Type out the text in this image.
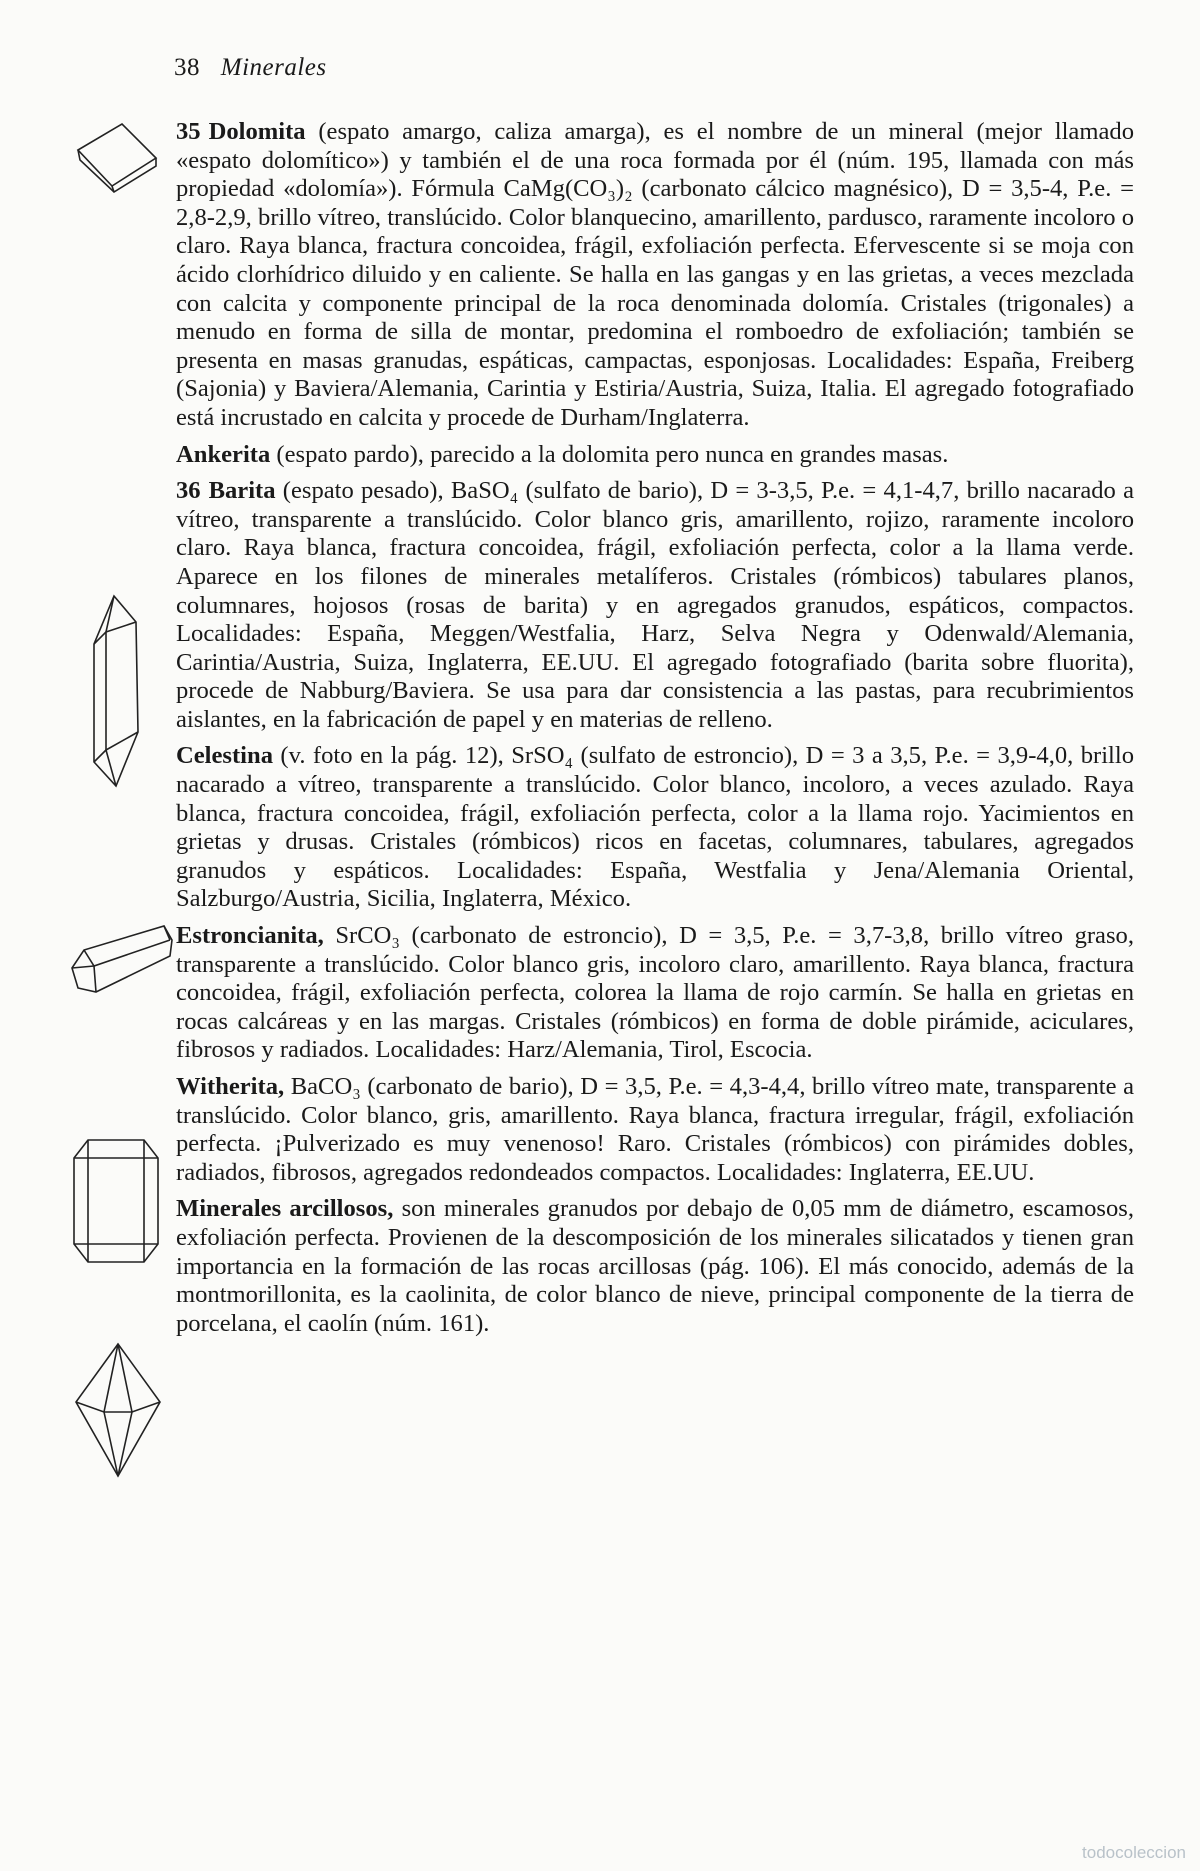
38 Minerales

35 Dolomita (espato amargo, caliza amarga), es el nombre de un mineral (mejor llamado «espato dolomítico») y también el de una roca formada por él (núm. 195, llamada con más propiedad «dolomía»). Fórmula CaMg(CO₃)₂ (carbonato cálcico magnésico), D = 3,5-4, P.e. = 2,8-2,9, brillo vítreo, translúcido. Color blanquecino, amarillento, pardusco, raramente incoloro o claro. Raya blanca, fractura concoidea, frágil, exfoliación perfecta. Efervescente si se moja con ácido clorhídrico diluido y en caliente. Se halla en las gangas y en las grietas, a veces mezclada con calcita y componente principal de la roca denominada dolomía. Cristales (trigonales) a menudo en forma de silla de montar, predomina el romboedro de exfoliación; también se presenta en masas granudas, espáticas, campactas, esponjosas. Localidades: España, Freiberg (Sajonia) y Baviera/Alemania, Carintia y Estiria/Austria, Suiza, Italia. El agregado fotografiado está incrustado en calcita y procede de Durham/Inglaterra.

Ankerita (espato pardo), parecido a la dolomita pero nunca en grandes masas.

36 Barita (espato pesado), BaSO₄ (sulfato de bario), D = 3-3,5, P.e. = 4,1-4,7, brillo nacarado a vítreo, transparente a translúcido. Color blanco gris, amarillento, rojizo, raramente incoloro claro. Raya blanca, fractura concoidea, frágil, exfoliación perfecta, color a la llama verde. Aparece en los filones de minerales metalíferos. Cristales (rómbicos) tabulares planos, columnares, hojosos (rosas de barita) y en agregados granudos, espáticos, compactos. Localidades: España, Meggen/Westfalia, Harz, Selva Negra y Odenwald/Alemania, Carintia/Austria, Suiza, Inglaterra, EE.UU. El agregado fotografiado (barita sobre fluorita), procede de Nabburg/Baviera. Se usa para dar consistencia a las pastas, para recubrimientos aislantes, en la fabricación de papel y en materias de relleno.

Celestina (v. foto en la pág. 12), SrSO₄ (sulfato de estroncio), D = 3 a 3,5, P.e. = 3,9-4,0, brillo nacarado a vítreo, transparente a translúcido. Color blanco, incoloro, a veces azulado. Raya blanca, fractura concoidea, frágil, exfoliación perfecta, color a la llama rojo. Yacimientos en grietas y drusas. Cristales (rómbicos) ricos en facetas, columnares, tabulares, agregados granudos y espáticos. Localidades: España, Westfalia y Jena/Alemania Oriental, Salzburgo/Austria, Sicilia, Inglaterra, México.

Estroncianita, SrCO₃ (carbonato de estroncio), D = 3,5, P.e. = 3,7-3,8, brillo vítreo graso, transparente a translúcido. Color blanco gris, incoloro claro, amarillento. Raya blanca, fractura concoidea, frágil, exfoliación perfecta, colorea la llama de rojo carmín. Se halla en grietas en rocas calcáreas y en las margas. Cristales (rómbicos) en forma de doble pirámide, aciculares, fibrosos y radiados. Localidades: Harz/Alemania, Tirol, Escocia.

Witherita, BaCO₃ (carbonato de bario), D = 3,5, P.e. = 4,3-4,4, brillo vítreo mate, transparente a translúcido. Color blanco, gris, amarillento. Raya blanca, fractura irregular, frágil, exfoliación perfecta. ¡Pulverizado es muy venenoso! Raro. Cristales (rómbicos) con pirámides dobles, radiados, fibrosos, agregados redondeados compactos. Localidades: Inglaterra, EE.UU.

Minerales arcillosos, son minerales granudos por debajo de 0,05 mm de diámetro, escamosos, exfoliación perfecta. Provienen de la descomposición de los minerales silicatados y tienen gran importancia en la formación de las rocas arcillosas (pág. 106). El más conocido, además de la montmorillonita, es la caolinita, de color blanco de nieve, principal componente de la tierra de porcelana, el caolín (núm. 161).

todocoleccion
